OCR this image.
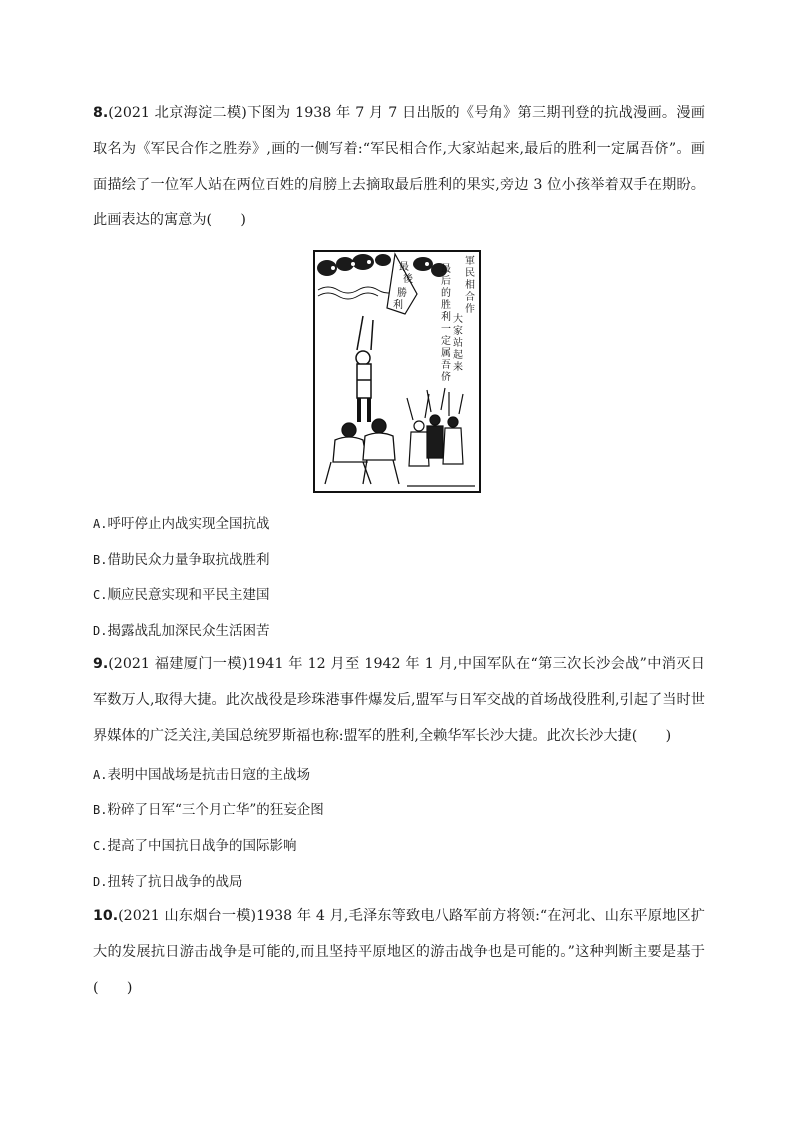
8.(2021 北京海淀二模)下图为 1938 年 7 月 7 日出版的《号角》第三期刊登的抗战漫画。漫画取名为《军民合作之胜券》,画的一侧写着:“军民相合作,大家站起来,最后的胜利一定属吾侪”。画面描绘了一位军人站在两位百姓的肩膀上去摘取最后胜利的果实,旁边 3 位小孩举着双手在期盼。此画表达的寓意为(　　)

最
後
勝
利
軍
民
相
合
作
大
家
站
起
来
最
后
的
胜
利
一
定
属
吾
侪
A.呼吁停止内战实现全国抗战
B.借助民众力量争取抗战胜利
C.顺应民意实现和平民主建国
D.揭露战乱加深民众生活困苦

9.(2021 福建厦门一模)1941 年 12 月至 1942 年 1 月,中国军队在“第三次长沙会战”中消灭日军数万人,取得大捷。此次战役是珍珠港事件爆发后,盟军与日军交战的首场战役胜利,引起了当时世界媒体的广泛关注,美国总统罗斯福也称:盟军的胜利,全赖华军长沙大捷。此次长沙大捷(　　)

A.表明中国战场是抗击日寇的主战场
B.粉碎了日军“三个月亡华”的狂妄企图
C.提高了中国抗日战争的国际影响
D.扭转了抗日战争的战局

10.(2021 山东烟台一模)1938 年 4 月,毛泽东等致电八路军前方将领:“在河北、山东平原地区扩大的发展抗日游击战争是可能的,而且坚持平原地区的游击战争也是可能的。”这种判断主要是基于(　　)
